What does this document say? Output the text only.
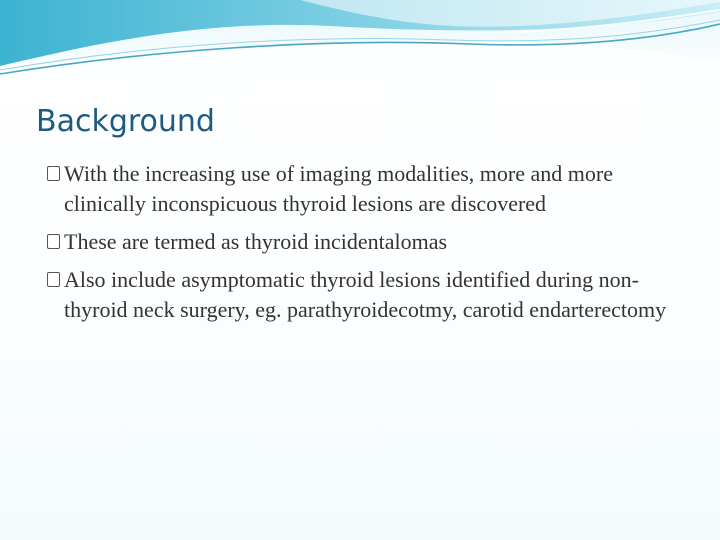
Background
With the increasing use of imaging modalities, more and more clinically inconspicuous thyroid lesions are discovered
These are termed as thyroid incidentalomas
Also include asymptomatic thyroid lesions identified during non-thyroid neck surgery, eg. parathyroidecotmy, carotid endarterectomy
